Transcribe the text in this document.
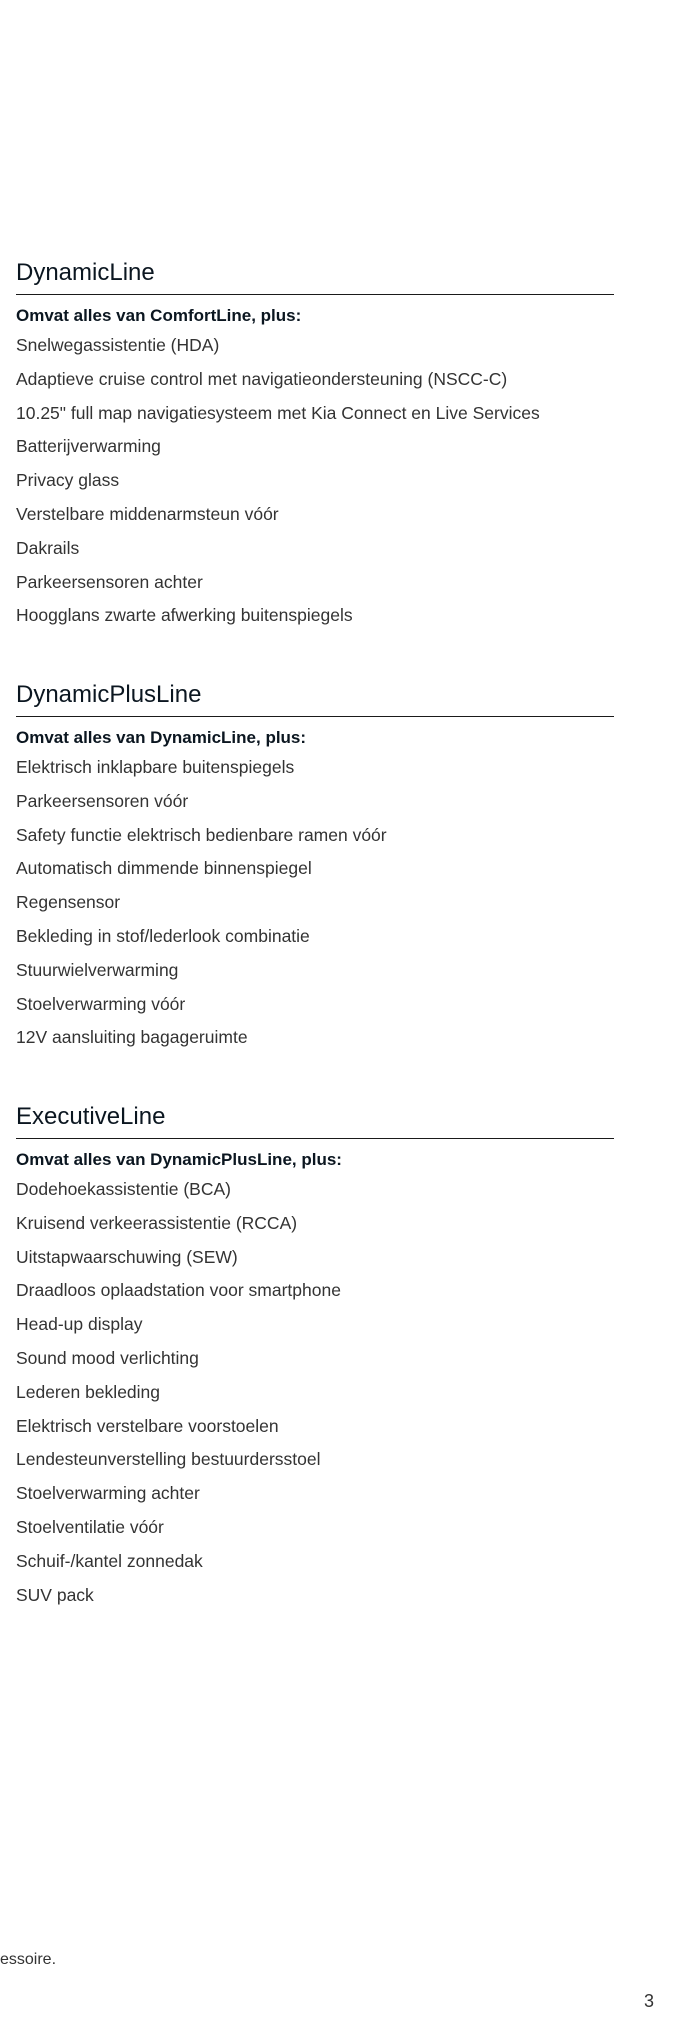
DynamicLine

Omvat alles van ComfortLine, plus:

Snelwegassistentie (HDA)
Adaptieve cruise control met navigatieondersteuning (NSCC-C)
10.25" full map navigatiesysteem met Kia Connect en Live Services
Batterijverwarming
Privacy glass
Verstelbare middenarmsteun vóór
Dakrails
Parkeersensoren achter
Hoogglans zwarte afwerking buitenspiegels
DynamicPlusLine

Omvat alles van DynamicLine, plus:

Elektrisch inklapbare buitenspiegels
Parkeersensoren vóór
Safety functie elektrisch bedienbare ramen vóór
Automatisch dimmende binnenspiegel
Regensensor
Bekleding in stof/lederlook combinatie
Stuurwielverwarming
Stoelverwarming vóór
12V aansluiting bagageruimte
ExecutiveLine

Omvat alles van DynamicPlusLine, plus:

Dodehoekassistentie (BCA)
Kruisend verkeerassistentie (RCCA)
Uitstapwaarschuwing (SEW)
Draadloos oplaadstation voor smartphone
Head-up display
Sound mood verlichting
Lederen bekleding
Elektrisch verstelbare voorstoelen
Lendesteunverstelling bestuurdersstoel
Stoelverwarming achter
Stoelventilatie vóór
Schuif-/kantel zonnedak
SUV pack
essoire.
3
